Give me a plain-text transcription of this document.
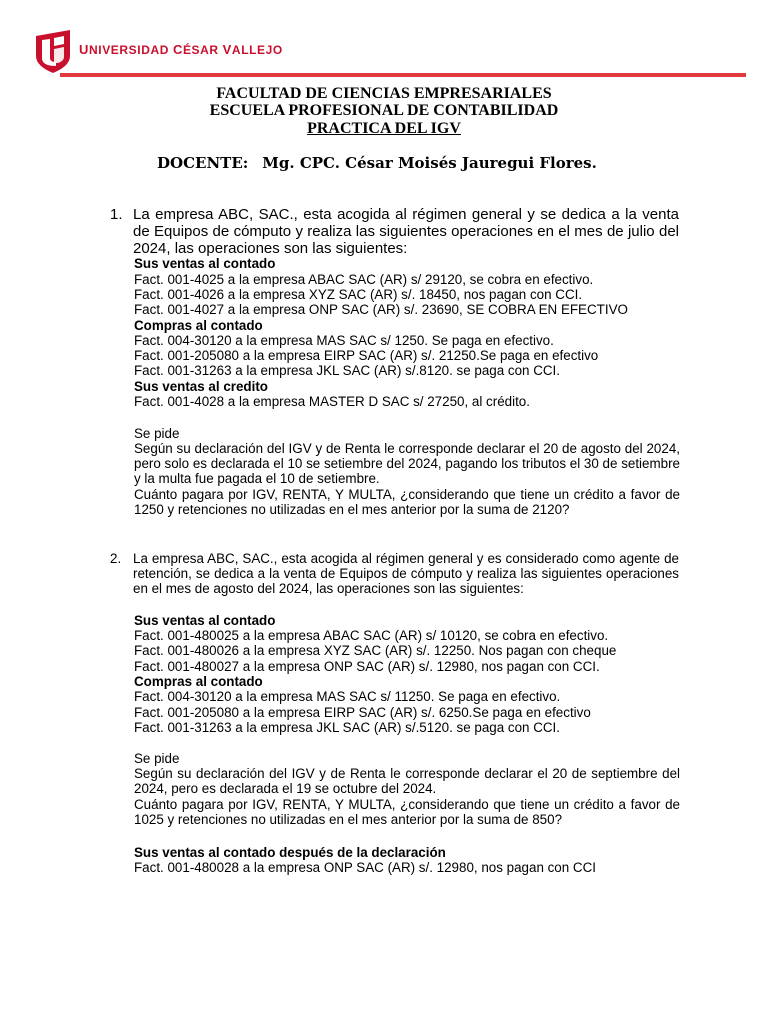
UNIVERSIDAD CÉSAR VALLEJO
FACULTAD DE CIENCIAS EMPRESARIALES
ESCUELA PROFESIONAL DE CONTABILIDAD
PRACTICA DEL IGV
DOCENTE: Mg. CPC. César Moisés Jauregui Flores.
1. La empresa ABC, SAC., esta acogida al régimen general y se dedica a la venta de Equipos de cómputo y realiza las siguientes operaciones en el mes de julio del 2024, las operaciones son las siguientes:
Sus ventas al contado
Fact. 001-4025 a la empresa ABAC SAC (AR) s/ 29120, se cobra en efectivo.
Fact. 001-4026 a la empresa XYZ SAC (AR) s/. 18450, nos pagan con CCI.
Fact. 001-4027 a la empresa ONP SAC (AR) s/. 23690, SE COBRA EN EFECTIVO
Compras al contado
Fact. 004-30120 a la empresa MAS SAC s/ 1250. Se paga en efectivo.
Fact. 001-205080 a la empresa EIRP SAC (AR) s/. 21250.Se paga en efectivo
Fact. 001-31263 a la empresa JKL SAC (AR) s/.8120. se paga con CCI.
Sus ventas al credito
Fact. 001-4028 a la empresa MASTER D SAC s/ 27250, al crédito.
Se pide
Según su declaración del IGV y de Renta le corresponde declarar el 20 de agosto del 2024, pero solo es declarada el 10 se setiembre del 2024, pagando los tributos el 30 de setiembre y la multa fue pagada el 10 de setiembre.
Cuánto pagara por IGV, RENTA, Y MULTA, ¿considerando que tiene un crédito a favor de 1250 y retenciones no utilizadas en el mes anterior por la suma de 2120?
2. La empresa ABC, SAC., esta acogida al régimen general y es considerado como agente de retención, se dedica a la venta de Equipos de cómputo y realiza las siguientes operaciones en el mes de agosto del 2024, las operaciones son las siguientes:
Sus ventas al contado
Fact. 001-480025 a la empresa ABAC SAC (AR) s/ 10120, se cobra en efectivo.
Fact. 001-480026 a la empresa XYZ SAC (AR) s/. 12250. Nos pagan con cheque
Fact. 001-480027 a la empresa ONP SAC (AR) s/. 12980, nos pagan con CCI.
Compras al contado
Fact. 004-30120 a la empresa MAS SAC s/ 11250. Se paga en efectivo.
Fact. 001-205080 a la empresa EIRP SAC (AR) s/. 6250.Se paga en efectivo
Fact. 001-31263 a la empresa JKL SAC (AR) s/.5120. se paga con CCI.
Se pide
Según su declaración del IGV y de Renta le corresponde declarar el 20 de septiembre del 2024, pero es declarada el 19 se octubre del 2024.
Cuánto pagara por IGV, RENTA, Y MULTA, ¿considerando que tiene un crédito a favor de 1025 y retenciones no utilizadas en el mes anterior por la suma de 850?
Sus ventas al contado después de la declaración
Fact. 001-480028 a la empresa ONP SAC (AR) s/. 12980, nos pagan con CCI
